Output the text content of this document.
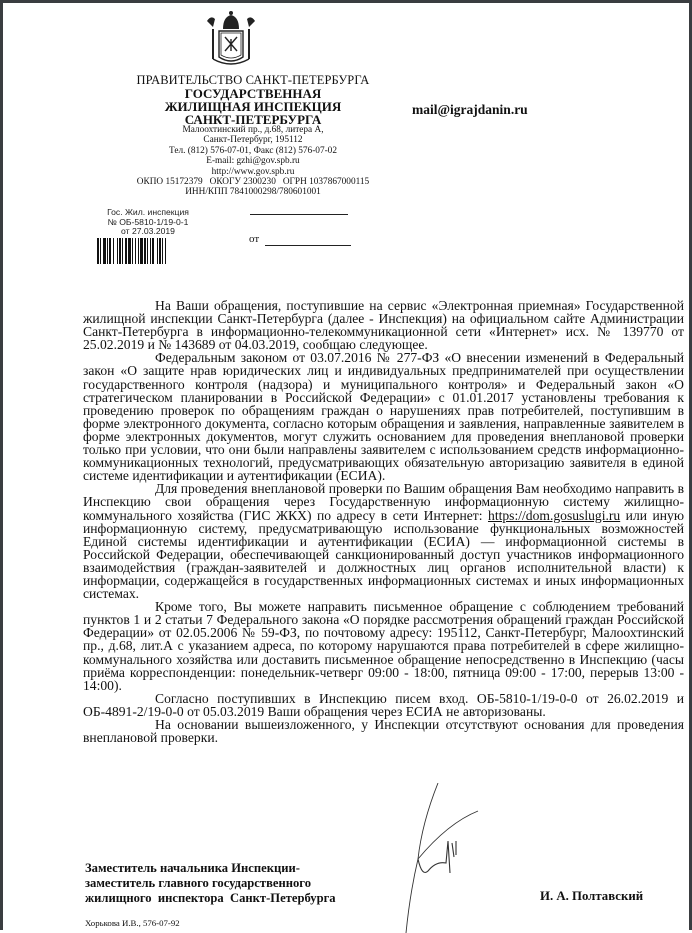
ПРАВИТЕЛЬСТВО САНКТ-ПЕТЕРБУРГА
ГОСУДАРСТВЕННАЯ
ЖИЛИЩНАЯ ИНСПЕКЦИЯ
САНКТ-ПЕТЕРБУРГА
Малоохтинский пр., д.68, литера А,
Санкт-Петербург, 195112
Тел. (812) 576-07-01, Факс (812) 576-07-02
E-mail: gzhi@gov.spb.ru
http://www.gov.spb.ru
ОКПО 15172379   ОКОГУ 2300230   ОГРН 1037867000115
ИНН/КПП 7841000298/780601001
mail@igrajdanin.ru
Гос. Жил. инспекция
№ ОБ-5810-1/19-0-1
от 27.03.2019
от

На Ваши обращения, поступившие на сервис «Электронная приемная» Государственной жилищной инспекции Санкт-Петербурга (далее - Инспекция) на официальном сайте Администрации Санкт-Петербурга в информационно-телекоммуникационной сети «Интернет» исх. № 139770 от 25.02.2019 и № 143689 от 04.03.2019, сообщаю следующее.

Федеральным законом от 03.07.2016 № 277-ФЗ «О внесении изменений в Федеральный закон «О защите нрав юридических лиц и индивидуальных предпринимателей при осуществлении государственного контроля (надзора) и муниципального контроля» и Федеральный закон «О стратегическом планировании в Российской Федерации» с 01.01.2017 установлены требования к проведению проверок по обращениям граждан о нарушениях прав потребителей, поступившим в форме электронного документа, согласно которым обращения и заявления, направленные заявителем в форме электронных документов, могут служить основанием для проведения внеплановой проверки только при условии, что они были направлены заявителем с использованием средств информационно-коммуникационных технологий, предусматривающих обязательную авторизацию заявителя в единой системе идентификации и аутентификации (ЕСИА).

Для проведения внеплановой проверки по Вашим обращения Вам необходимо направить в Инспекцию свои обращения через Государственную информационную систему жилищно-коммунального хозяйства (ГИС ЖКХ) по адресу в сети Интернет: https://dom.gosuslugi.ru или иную информационную систему, предусматривающую использование функциональных возможностей Единой системы идентификации и аутентификации (ЕСИА) — информационной системы в Российской Федерации, обеспечивающей санкционированный доступ участников информационного взаимодействия (граждан-заявителей и должностных лиц органов исполнительной власти) к информации, содержащейся в государственных информационных системах и иных информационных системах.

Кроме того, Вы можете направить письменное обращение с соблюдением требований пунктов 1 и 2 статьи 7 Федерального закона «О порядке рассмотрения обращений граждан Российской Федерации» от 02.05.2006 № 59-ФЗ, по почтовому адресу: 195112, Санкт-Петербург, Малоохтинский пр., д.68, лит.А с указанием адреса, по которому нарушаются права потребителей в сфере жилищно-коммунального хозяйства или доставить письменное обращение непосредственно в Инспекцию (часы приёма корреспонденции: понедельник-четверг 09:00 - 18:00, пятница 09:00 - 17:00, перерыв 13:00 - 14:00).

Согласно поступивших в Инспекцию писем вход. ОБ-5810-1/19-0-0 от 26.02.2019 и ОБ-4891-2/19-0-0 от 05.03.2019 Ваши обращения через ЕСИА не авторизованы.

На основании вышеизложенного, у Инспекции отсутствуют основания для проведения внеплановой проверки.

Заместитель начальника Инспекции-
заместитель главного государственного
жилищного  инспектора  Санкт-Петербурга	И. А. Полтавский
Хорькова И.В., 576-07-92
